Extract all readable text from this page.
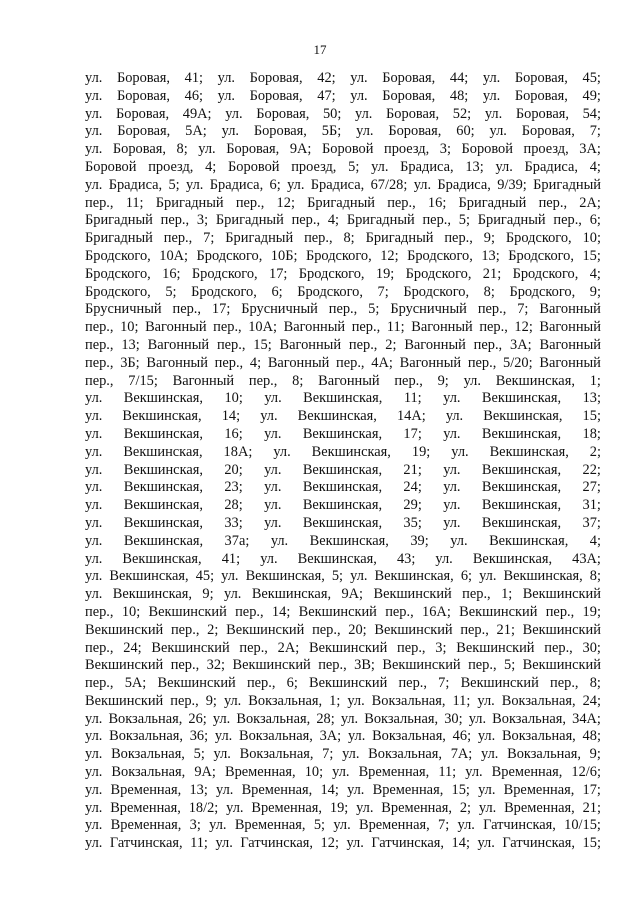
17
ул. Боровая, 41; ул. Боровая, 42; ул. Боровая, 44; ул. Боровая, 45;
ул. Боровая, 46; ул. Боровая, 47; ул. Боровая, 48; ул. Боровая, 49;
ул. Боровая, 49А; ул. Боровая, 50; ул. Боровая, 52; ул. Боровая, 54;
ул. Боровая, 5А; ул. Боровая, 5Б; ул. Боровая, 60; ул. Боровая, 7;
ул. Боровая, 8; ул. Боровая, 9А; Боровой проезд, 3; Боровой проезд, 3А;
Боровой проезд, 4; Боровой проезд, 5; ул. Брадиса, 13; ул. Брадиса, 4;
ул. Брадиса, 5; ул. Брадиса, 6; ул. Брадиса, 67/28; ул. Брадиса, 9/39; Бригадный
пер., 11; Бригадный пер., 12; Бригадный пер., 16; Бригадный пер., 2А;
Бригадный пер., 3; Бригадный пер., 4; Бригадный пер., 5; Бригадный пер., 6;
Бригадный пер., 7; Бригадный пер., 8; Бригадный пер., 9; Бродского, 10;
Бродского, 10А; Бродского, 10Б; Бродского, 12; Бродского, 13; Бродского, 15;
Бродского, 16; Бродского, 17; Бродского, 19; Бродского, 21; Бродского, 4;
Бродского, 5; Бродского, 6; Бродского, 7; Бродского, 8; Бродского, 9;
Брусничный пер., 17; Брусничный пер., 5; Брусничный пер., 7; Вагонный
пер., 10; Вагонный пер., 10А; Вагонный пер., 11; Вагонный пер., 12; Вагонный
пер., 13; Вагонный пер., 15; Вагонный пер., 2; Вагонный пер., 3А; Вагонный
пер., 3Б; Вагонный пер., 4; Вагонный пер., 4А; Вагонный пер., 5/20; Вагонный
пер., 7/15; Вагонный пер., 8; Вагонный пер., 9; ул. Векшинская, 1;
ул. Векшинская, 10; ул. Векшинская, 11; ул. Векшинская, 13;
ул. Векшинская, 14; ул. Векшинская, 14А; ул. Векшинская, 15;
ул. Векшинская, 16; ул. Векшинская, 17; ул. Векшинская, 18;
ул. Векшинская, 18А; ул. Векшинская, 19; ул. Векшинская, 2;
ул. Векшинская, 20; ул. Векшинская, 21; ул. Векшинская, 22;
ул. Векшинская, 23; ул. Векшинская, 24; ул. Векшинская, 27;
ул. Векшинская, 28; ул. Векшинская, 29; ул. Векшинская, 31;
ул. Векшинская, 33; ул. Векшинская, 35; ул. Векшинская, 37;
ул. Векшинская, 37а; ул. Векшинская, 39; ул. Векшинская, 4;
ул. Векшинская, 41; ул. Векшинская, 43; ул. Векшинская, 43А;
ул. Векшинская, 45; ул. Векшинская, 5; ул. Векшинская, 6; ул. Векшинская, 8;
ул. Векшинская, 9; ул. Векшинская, 9А; Векшинский пер., 1; Векшинский
пер., 10; Векшинский пер., 14; Векшинский пер., 16А; Векшинский пер., 19;
Векшинский пер., 2; Векшинский пер., 20; Векшинский пер., 21; Векшинский
пер., 24; Векшинский пер., 2А; Векшинский пер., 3; Векшинский пер., 30;
Векшинский пер., 32; Векшинский пер., 3В; Векшинский пер., 5; Векшинский
пер., 5А; Векшинский пер., 6; Векшинский пер., 7; Векшинский пер., 8;
Векшинский пер., 9; ул. Вокзальная, 1; ул. Вокзальная, 11; ул. Вокзальная, 24;
ул. Вокзальная, 26; ул. Вокзальная, 28; ул. Вокзальная, 30; ул. Вокзальная, 34А;
ул. Вокзальная, 36; ул. Вокзальная, 3А; ул. Вокзальная, 46; ул. Вокзальная, 48;
ул. Вокзальная, 5; ул. Вокзальная, 7; ул. Вокзальная, 7А; ул. Вокзальная, 9;
ул. Вокзальная, 9А; Временная, 10; ул. Временная, 11; ул. Временная, 12/6;
ул. Временная, 13; ул. Временная, 14; ул. Временная, 15; ул. Временная, 17;
ул. Временная, 18/2; ул. Временная, 19; ул. Временная, 2; ул. Временная, 21;
ул. Временная, 3; ул. Временная, 5; ул. Временная, 7; ул. Гатчинская, 10/15;
ул. Гатчинская, 11; ул. Гатчинская, 12; ул. Гатчинская, 14; ул. Гатчинская, 15;
